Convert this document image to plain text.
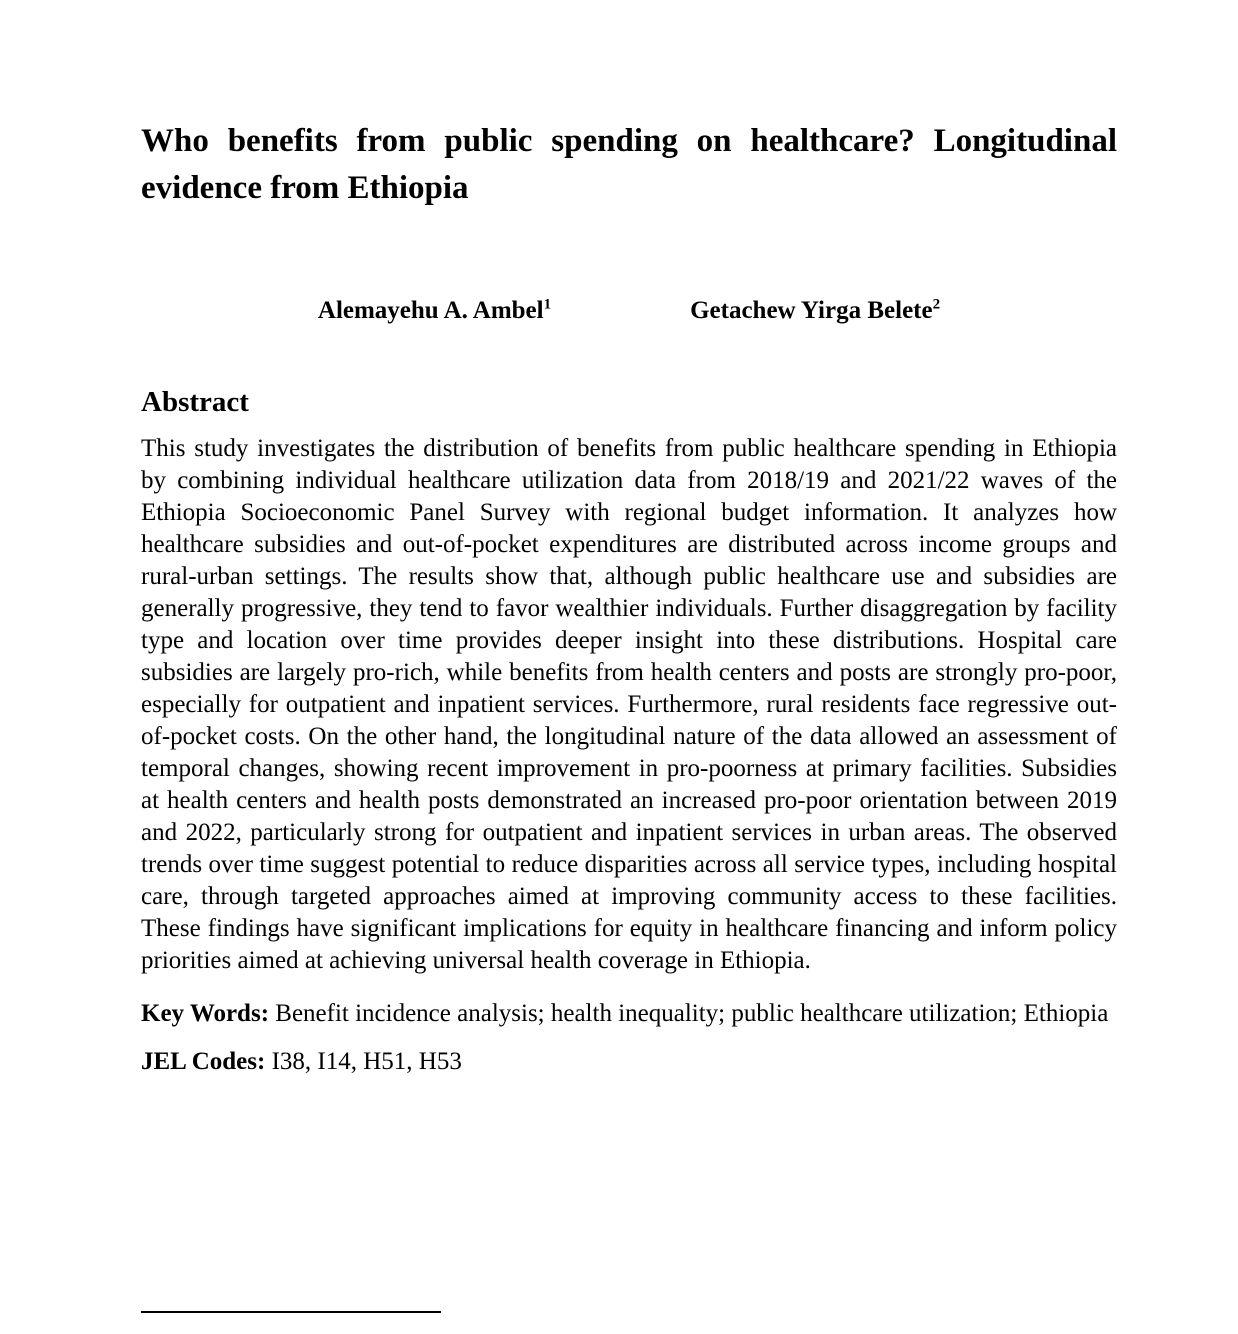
Who benefits from public spending on healthcare? Longitudinal
evidence from Ethiopia
Alemayehu A. Ambel$^1$	Getachew Yirga Belete$^2$
Abstract

This study investigates the distribution of benefits from public healthcare spending in Ethiopia by combining individual healthcare utilization data from 2018/19 and 2021/22 waves of the Ethiopia Socioeconomic Panel Survey with regional budget information. It analyzes how healthcare subsidies and out-of-pocket expenditures are distributed across income groups and rural-urban settings. The results show that, although public healthcare use and subsidies are generally progressive, they tend to favor wealthier individuals. Further disaggregation by facility type and location over time provides deeper insight into these distributions. Hospital care subsidies are largely pro-rich, while benefits from health centers and posts are strongly pro-poor, especially for outpatient and inpatient services. Furthermore, rural residents face regressive out-of-pocket costs. On the other hand, the longitudinal nature of the data allowed an assessment of temporal changes, showing recent improvement in pro-poorness at primary facilities. Subsidies at health centers and health posts demonstrated an increased pro-poor orientation between 2019 and 2022, particularly strong for outpatient and inpatient services in urban areas. The observed trends over time suggest potential to reduce disparities across all service types, including hospital care, through targeted approaches aimed at improving community access to these facilities. These findings have significant implications for equity in healthcare financing and inform policy priorities aimed at achieving universal health coverage in Ethiopia.

Key Words: Benefit incidence analysis; health inequality; public healthcare utilization; Ethiopia

JEL Codes: I38, I14, H51, H53
